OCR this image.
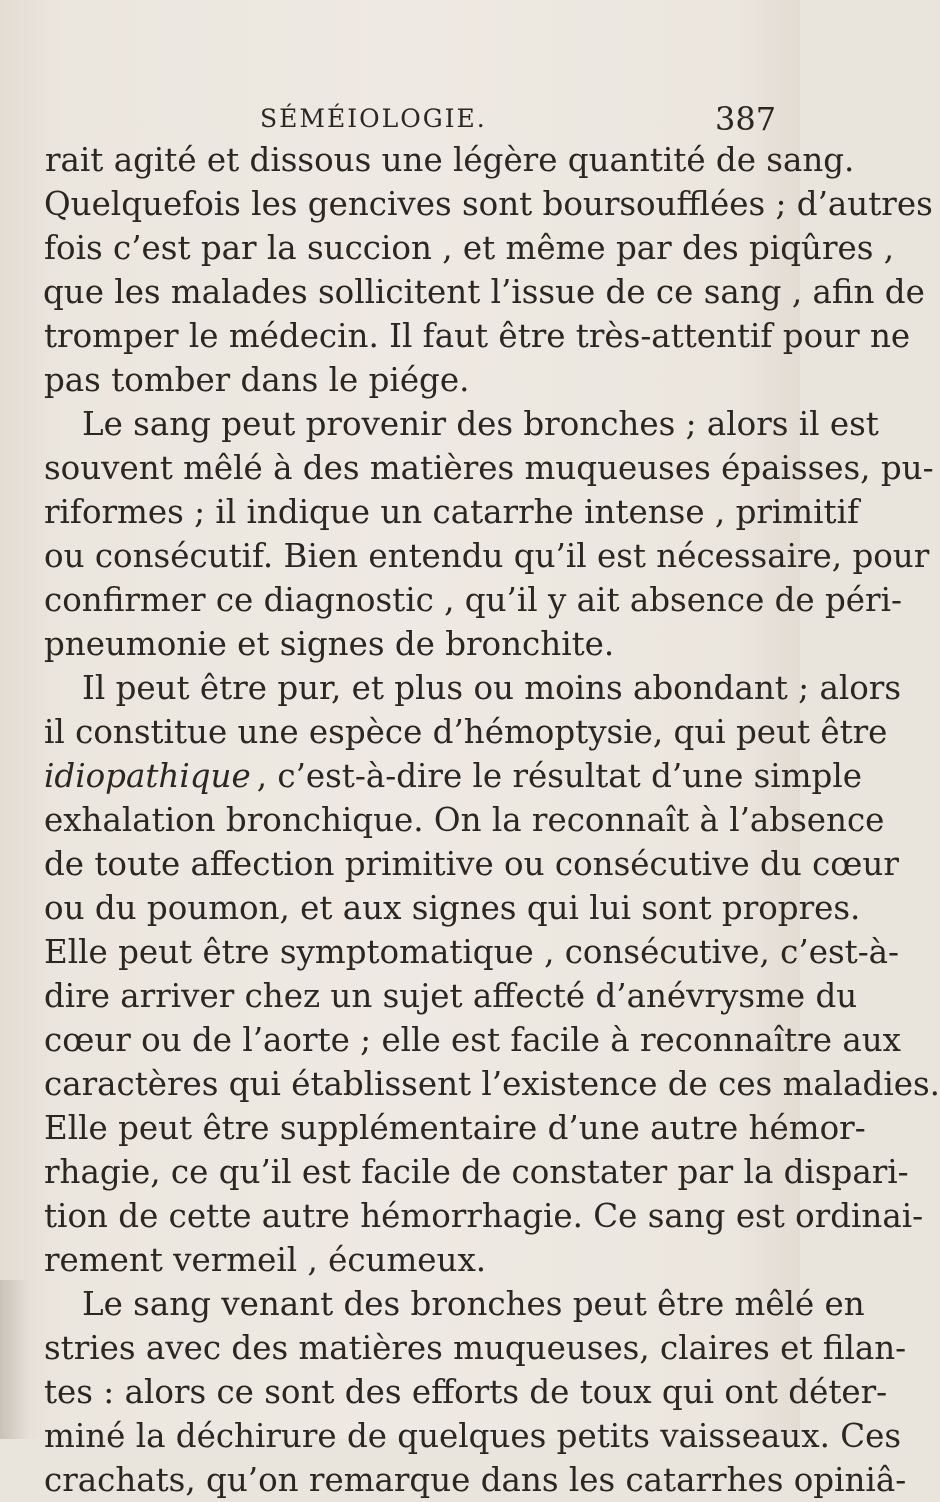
SÉMÉIOLOGIE.	387
rait agité et dissous une légère quantité de sang.
Quelquefois les gencives sont boursoufflées ; d’autres
fois c’est par la succion , et même par des piqûres ,
que les malades sollicitent l’issue de ce sang , afin de
tromper le médecin. Il faut être très-attentif pour ne
pas tomber dans le piége.
Le sang peut provenir des bronches ; alors il est
souvent mêlé à des matières muqueuses épaisses, pu-
riformes ; il indique un catarrhe intense , primitif
ou consécutif. Bien entendu qu’il est nécessaire, pour
confirmer ce diagnostic , qu’il y ait absence de péri-
pneumonie et signes de bronchite.
Il peut être pur, et plus ou moins abondant ; alors
il constitue une espèce d’hémoptysie, qui peut être
idiopathique , c’est-à-dire le résultat d’une simple
exhalation bronchique. On la reconnaît à l’absence
de toute affection primitive ou consécutive du cœur
ou du poumon, et aux signes qui lui sont propres.
Elle peut être symptomatique , consécutive, c’est-à-
dire arriver chez un sujet affecté d’anévrysme du
cœur ou de l’aorte ; elle est facile à reconnaître aux
caractères qui établissent l’existence de ces maladies.
Elle peut être supplémentaire d’une autre hémor-
rhagie, ce qu’il est facile de constater par la dispari-
tion de cette autre hémorrhagie. Ce sang est ordinai-
rement vermeil , écumeux.
Le sang venant des bronches peut être mêlé en
stries avec des matières muqueuses, claires et filan-
tes : alors ce sont des efforts de toux qui ont déter-
miné la déchirure de quelques petits vaisseaux. Ces
crachats, qu’on remarque dans les catarrhes opiniâ-
